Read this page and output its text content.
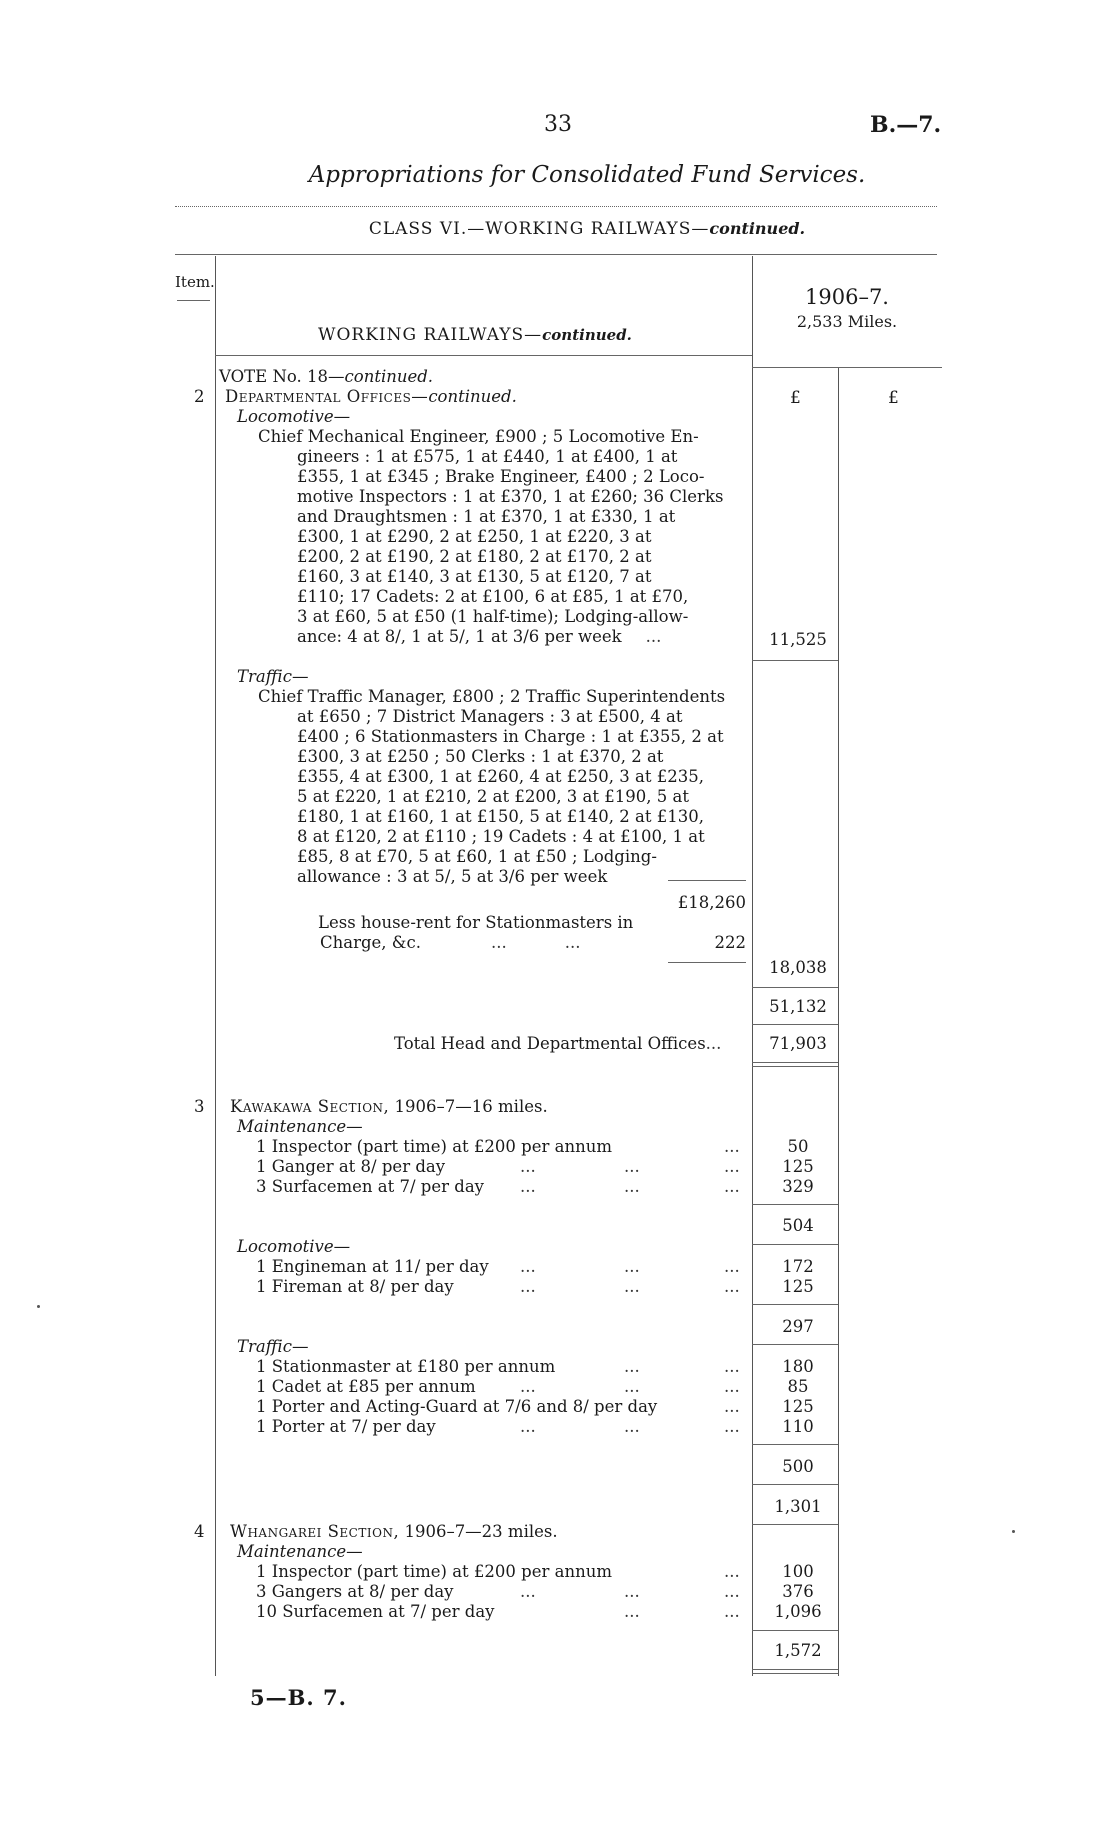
33	B.—7.
Appropriations for Consolidated Fund Services.
CLASS VI.—WORKING RAILWAYS—continued.
Item.
WORKING RAILWAYS—continued.
1906–7.
2,533 Miles.
£	£
VOTE No. 18—continued.
2 Departmental Offices—continued.
Locomotive—
Chief Mechanical Engineer, £900 ; 5 Locomotive En-
gineers : 1 at £575, 1 at £440, 1 at £400, 1 at
£355, 1 at £345 ; Brake Engineer, £400 ; 2 Loco-
motive Inspectors : 1 at £370, 1 at £260; 36 Clerks
and Draughtsmen : 1 at £370, 1 at £330, 1 at
£300, 1 at £290, 2 at £250, 1 at £220, 3 at
£200, 2 at £190, 2 at £180, 2 at £170, 2 at
£160, 3 at £140, 3 at £130, 5 at £120, 7 at
£110; 17 Cadets: 2 at £100, 6 at £85, 1 at £70,
3 at £60, 5 at £50 (1 half-time); Lodging-allow-
ance: 4 at 8/, 1 at 5/, 1 at 3/6 per week ...	11,525
Traffic—
Chief Traffic Manager, £800 ; 2 Traffic Superintendents
at £650 ; 7 District Managers : 3 at £500, 4 at
£400 ; 6 Stationmasters in Charge : 1 at £355, 2 at
£300, 3 at £250 ; 50 Clerks : 1 at £370, 2 at
£355, 4 at £300, 1 at £260, 4 at £250, 3 at £235,
5 at £220, 1 at £210, 2 at £200, 3 at £190, 5 at
£180, 1 at £160, 1 at £150, 5 at £140, 2 at £130,
8 at £120, 2 at £110 ; 19 Cadets : 4 at £100, 1 at
£85, 8 at £70, 5 at £60, 1 at £50 ; Lodging-
allowance : 3 at 5/, 5 at 3/6 per week
£18,260
Less house-rent for Stationmasters in
Charge, &c.	...	...	222
18,038
51,132
Total Head and Departmental Offices...	71,903
3 Kawakawa Section, 1906–7—16 miles.
Maintenance—
1 Inspector (part time) at £200 per annum	...	50
1 Ganger at 8/ per day	...	...	...	125
3 Surfacemen at 7/ per day ...	...	...	329
504
Locomotive—
1 Engineman at 11/ per day ...	...	...	172
1 Fireman at 8/ per day	...	...	...	125
297
Traffic—
1 Stationmaster at £180 per annum	...	...	180
1 Cadet at £85 per annum	...	...	...	85
1 Porter and Acting-Guard at 7/6 and 8/ per day	...	125
1 Porter at 7/ per day	...	...	...	110
500
1,301
4 Whangarei Section, 1906–7—23 miles.
Maintenance—
1 Inspector (part time) at £200 per annum	...	100
3 Gangers at 8/ per day	...	...	...	376
10 Surfacemen at 7/ per day	...	...	1,096
1,572
5—B. 7.
